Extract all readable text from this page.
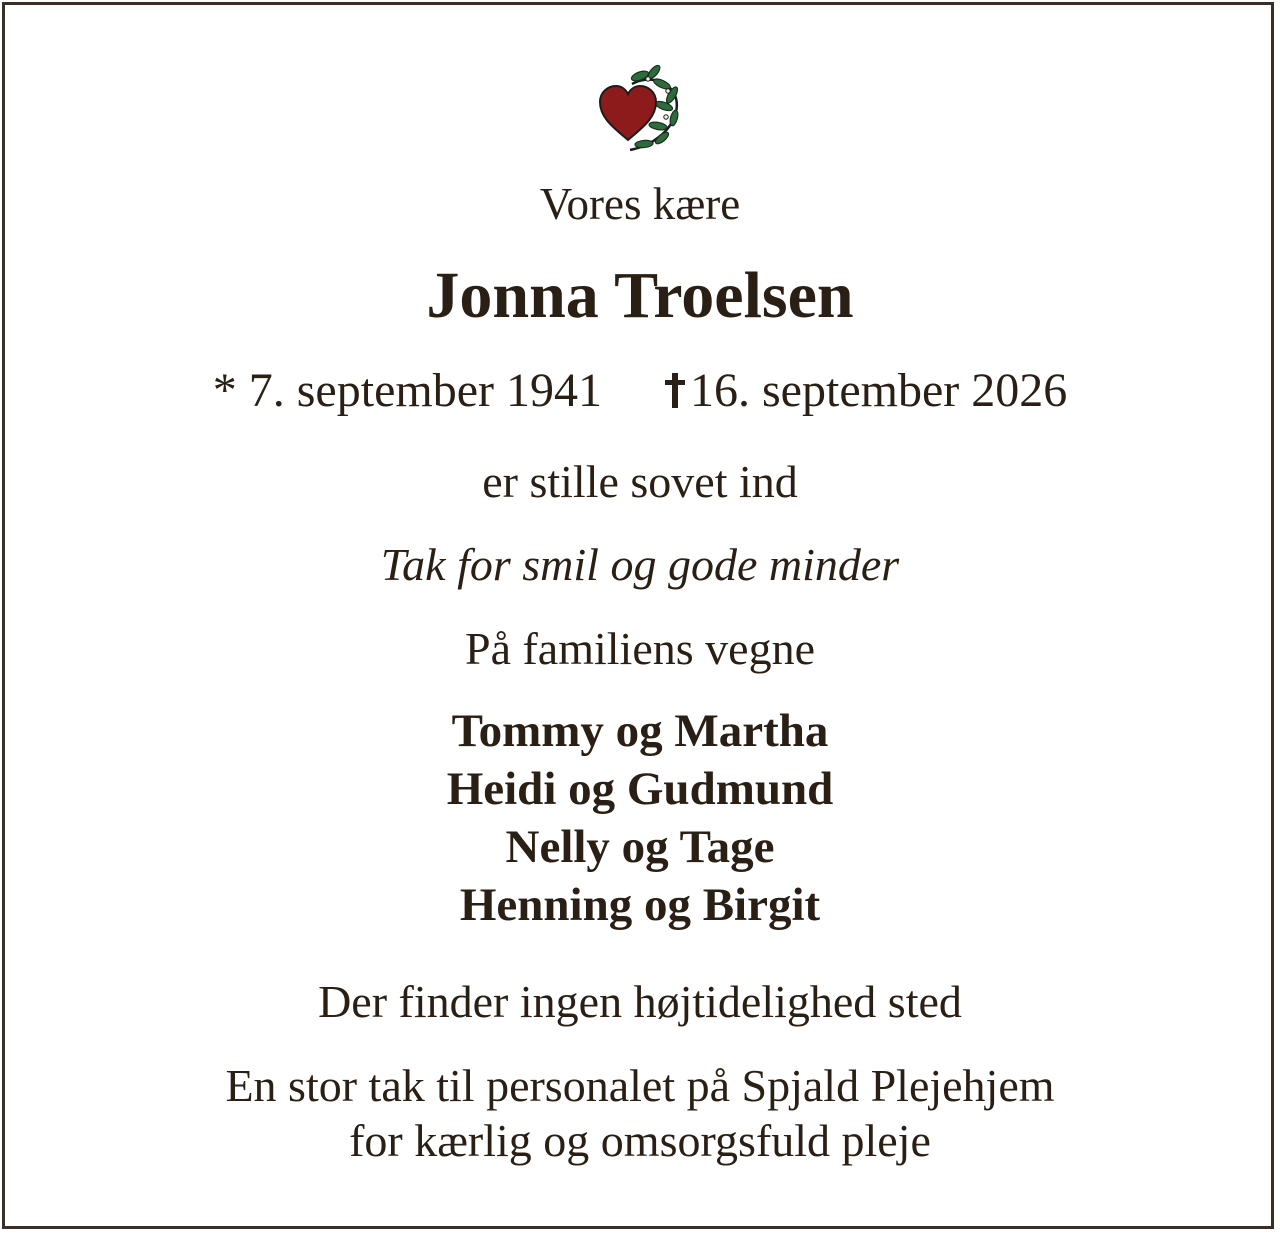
Vores kære
Jonna Troelsen
* 7. september 1941 16. september 2026
er stille sovet ind
Tak for smil og gode minder
På familiens vegne
Tommy og Martha
Heidi og Gudmund
Nelly og Tage
Henning og Birgit
Der finder ingen højtidelighed sted
En stor tak til personalet på Spjald Plejehjem
for kærlig og omsorgsfuld pleje
